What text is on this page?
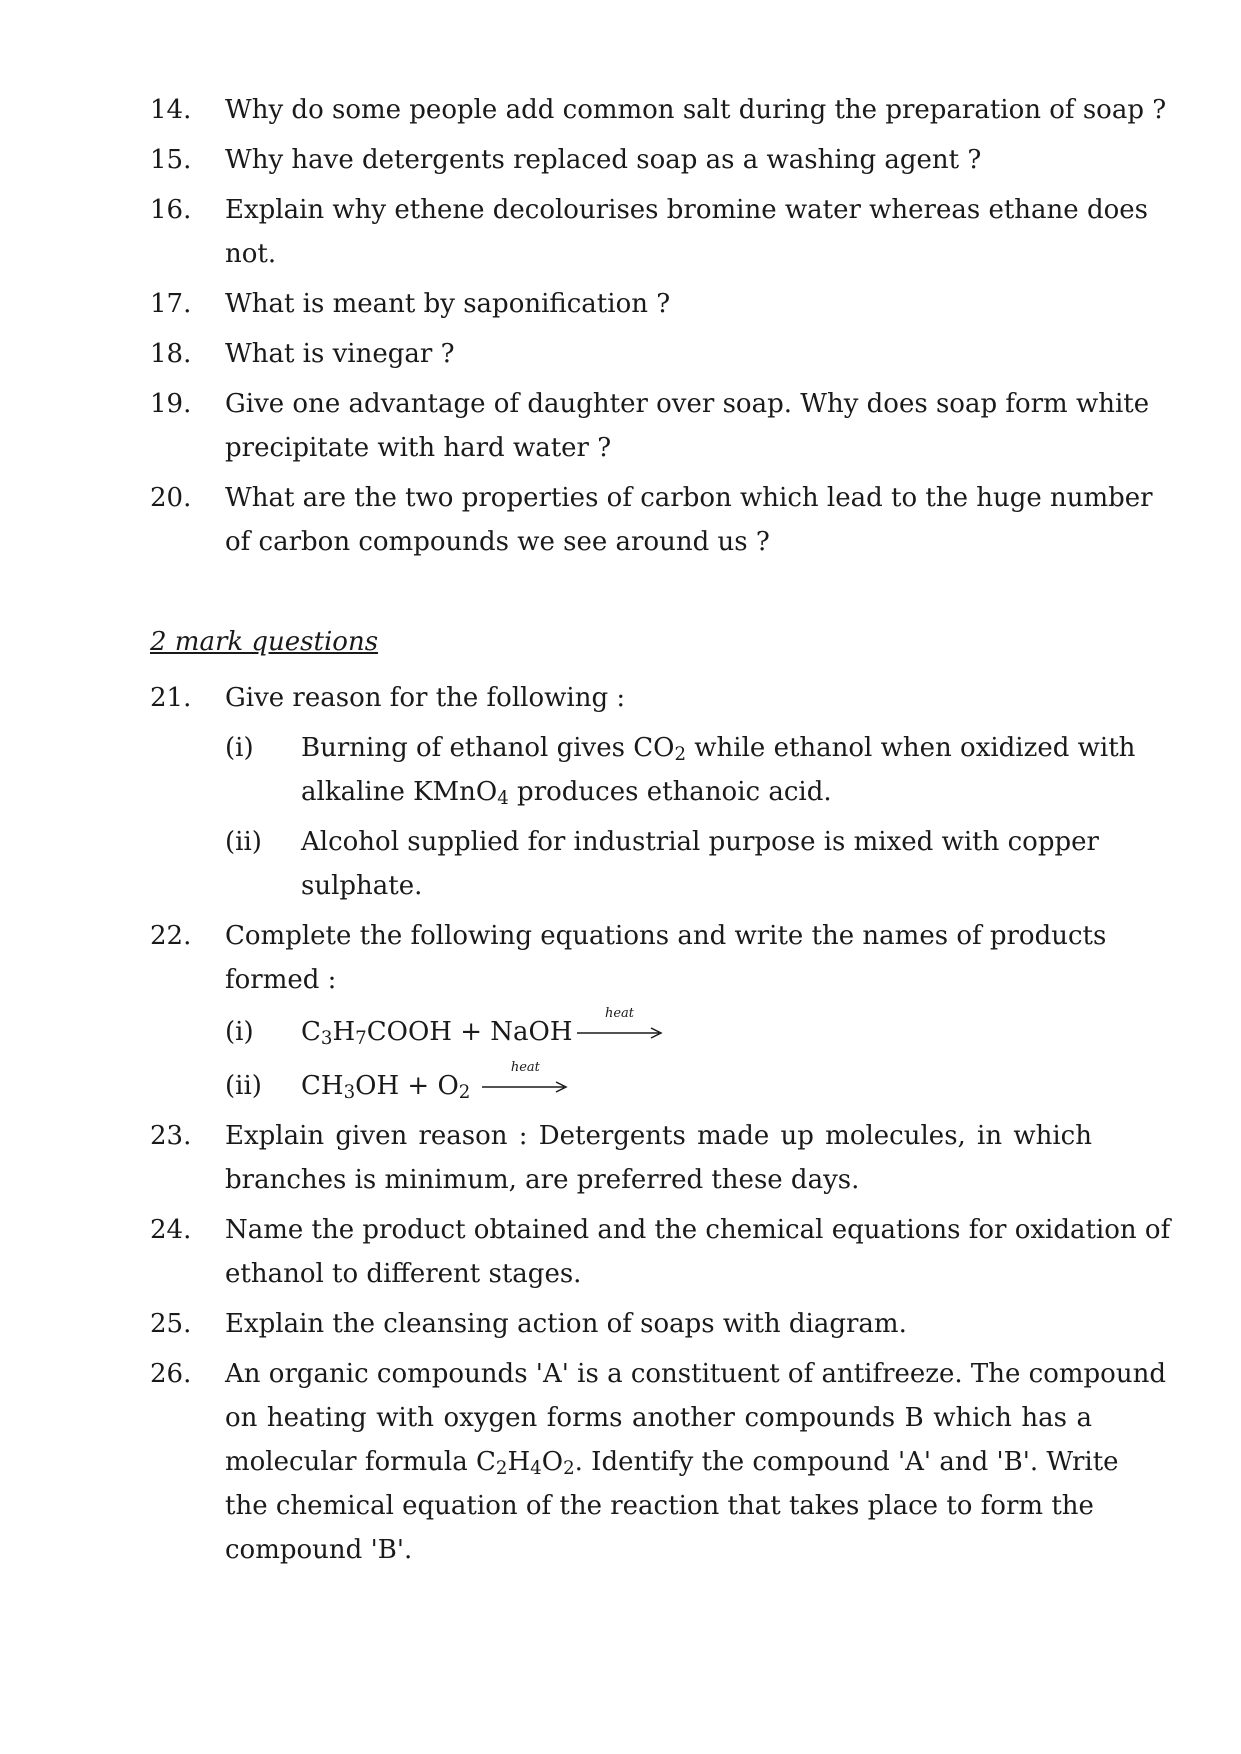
14. Why do some people add common salt during the preparation of soap ?
15. Why have detergents replaced soap as a washing agent ?
16. Explain why ethene decolourises bromine water whereas ethane does
not.
17. What is meant by saponification ?
18. What is vinegar ?
19. Give one advantage of daughter over soap. Why does soap form white
precipitate with hard water ?
20. What are the two properties of carbon which lead to the huge number
of carbon compounds we see around us ?
2 mark questions
21. Give reason for the following :
(i) Burning of ethanol gives $CO_2$ while ethanol when oxidized with
alkaline KMnO$_4$ produces ethanoic acid.
(ii) Alcohol supplied for industrial purpose is mixed with copper
sulphate.
22. Complete the following equations and write the names of products
formed :
(i) $C_3H_7COOH$ + NaOH
heat
(ii) $CH_3OH + O_2$
heat
23. Explain given reason : Detergents made up molecules, in which
branches is minimum, are preferred these days.
24. Name the product obtained and the chemical equations for oxidation of
ethanol to different stages.
25. Explain the cleansing action of soaps with diagram.
26. An organic compounds 'A' is a constituent of antifreeze. The compound
on heating with oxygen forms another compounds B which has a
molecular formula $C_2H_4O_2$. Identify the compound 'A' and 'B'. Write
the chemical equation of the reaction that takes place to form the
compound 'B'.
